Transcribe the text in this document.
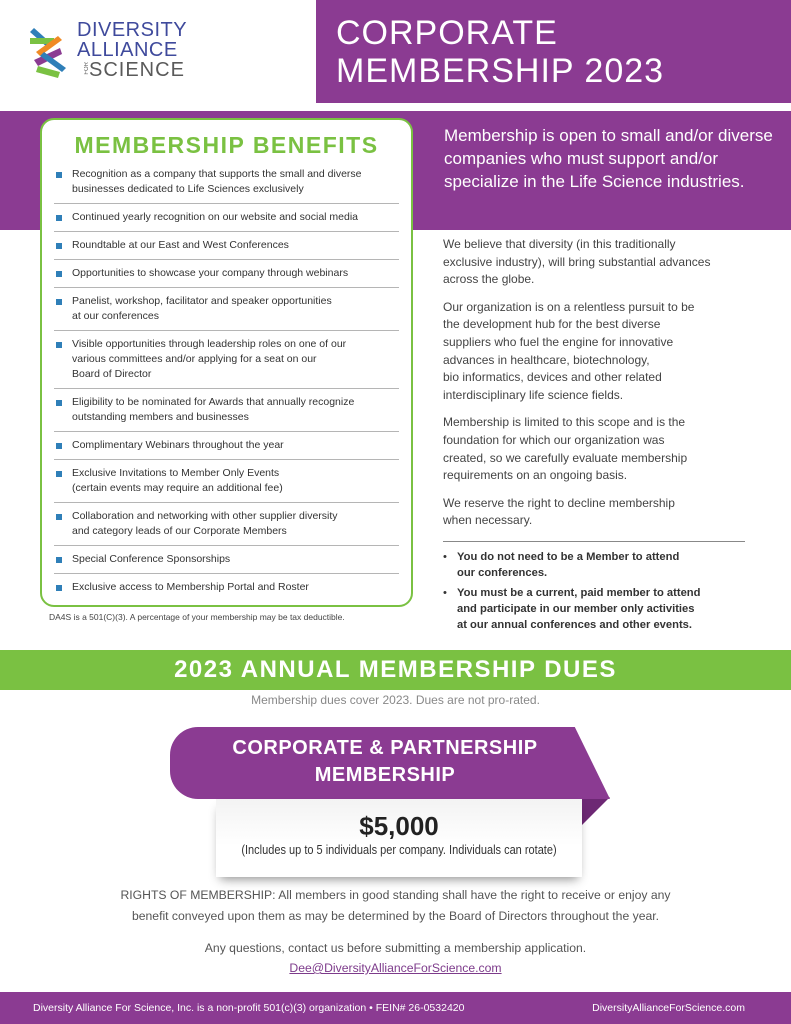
DIVERSITY
ALLIANCE
FOR SCIENCE
CORPORATE
MEMBERSHIP 2023
Membership is open to small and/or diverse companies who must support and/or specialize in the Life Science industries.
MEMBERSHIP BENEFITS
Recognition as a company that supports the small and diverse
businesses dedicated to Life Sciences exclusively
Continued yearly recognition on our website and social media
Roundtable at our East and West Conferences
Opportunities to showcase your company through webinars
Panelist, workshop, facilitator and speaker opportunities
at our conferences
Visible opportunities through leadership roles on one of our
various committees and/or applying for a seat on our
Board of Director
Eligibility to be nominated for Awards that annually recognize
outstanding members and businesses
Complimentary Webinars throughout the year
Exclusive Invitations to Member Only Events
(certain events may require an additional fee)
Collaboration and networking with other supplier diversity
and category leads of our Corporate Members
Special Conference Sponsorships
Exclusive access to Membership Portal and Roster
DA4S is a 501(C)(3). A percentage of your membership may be tax deductible.

We believe that diversity (in this traditionally
exclusive industry), will bring substantial advances
across the globe.

Our organization is on a relentless pursuit to be
the development hub for the best diverse
suppliers who fuel the engine for innovative
advances in healthcare, biotechnology,
bio informatics, devices and other related
interdisciplinary life science fields.

Membership is limited to this scope and is the
foundation for which our organization was
created, so we carefully evaluate membership
requirements on an ongoing basis.

We reserve the right to decline membership
when necessary.

• You do not need to be a Member to attend
our conferences.
• You must be a current, paid member to attend
and participate in our member only activities
at our annual conferences and other events.
2023 ANNUAL MEMBERSHIP DUES
Membership dues cover 2023. Dues are not pro-rated.
CORPORATE & PARTNERSHIP
MEMBERSHIP
$5,000
(Includes up to 5 individuals per company. Individuals can rotate)
RIGHTS OF MEMBERSHIP: All members in good standing shall have the right to receive or enjoy any
benefit conveyed upon them as may be determined by the Board of Directors throughout the year.
Any questions, contact us before submitting a membership application.
Dee@DiversityAllianceForScience.com
Diversity Alliance For Science, Inc. is a non-profit 501(c)(3) organization • FEIN# 26-0532420	DiversityAllianceForScience.com
